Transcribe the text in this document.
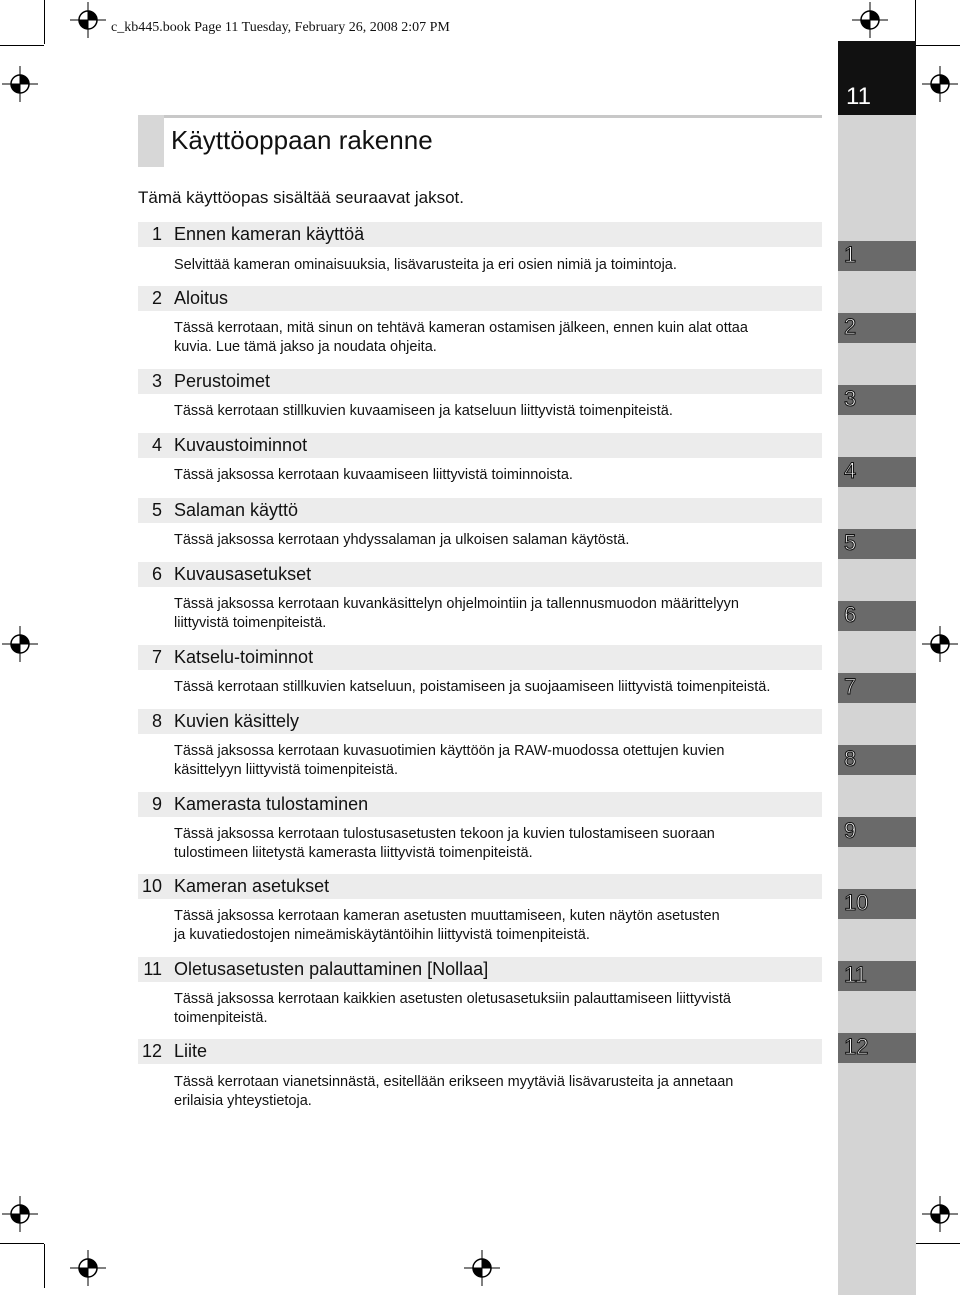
c_kb445.book Page 11 Tuesday, February 26, 2008 2:07 PM
11
1
2
3
4
5
6
7
8
9
10
11
12
Käyttöoppaan rakenne
Tämä käyttöopas sisältää seuraavat jaksot.
1 Ennen kameran käyttöä

Selvittää kameran ominaisuuksia, lisävarusteita ja eri osien nimiä ja toimintoja.

2 Aloitus

Tässä kerrotaan, mitä sinun on tehtävä kameran ostamisen jälkeen, ennen kuin alat ottaa
kuvia. Lue tämä jakso ja noudata ohjeita.

3 Perustoimet

Tässä kerrotaan stillkuvien kuvaamiseen ja katseluun liittyvistä toimenpiteistä.

4 Kuvaustoiminnot

Tässä jaksossa kerrotaan kuvaamiseen liittyvistä toiminnoista.

5 Salaman käyttö

Tässä jaksossa kerrotaan yhdyssalaman ja ulkoisen salaman käytöstä.

6 Kuvausasetukset

Tässä jaksossa kerrotaan kuvankäsittelyn ohjelmointiin ja tallennusmuodon määrittelyyn
liittyvistä toimenpiteistä.

7 Katselu-toiminnot

Tässä kerrotaan stillkuvien katseluun, poistamiseen ja suojaamiseen liittyvistä toimenpiteistä.

8 Kuvien käsittely

Tässä jaksossa kerrotaan kuvasuotimien käyttöön ja RAW-muodossa otettujen kuvien
käsittelyyn liittyvistä toimenpiteistä.

9 Kamerasta tulostaminen

Tässä jaksossa kerrotaan tulostusasetusten tekoon ja kuvien tulostamiseen suoraan
tulostimeen liitetystä kamerasta liittyvistä toimenpiteistä.

10 Kameran asetukset

Tässä jaksossa kerrotaan kameran asetusten muuttamiseen, kuten näytön asetusten
ja kuvatiedostojen nimeämiskäytäntöihin liittyvistä toimenpiteistä.

11 Oletusasetusten palauttaminen [Nollaa]

Tässä jaksossa kerrotaan kaikkien asetusten oletusasetuksiin palauttamiseen liittyvistä
toimenpiteistä.

12 Liite

Tässä kerrotaan vianetsinnästä, esitellään erikseen myytäviä lisävarusteita ja annetaan
erilaisia yhteystietoja.
